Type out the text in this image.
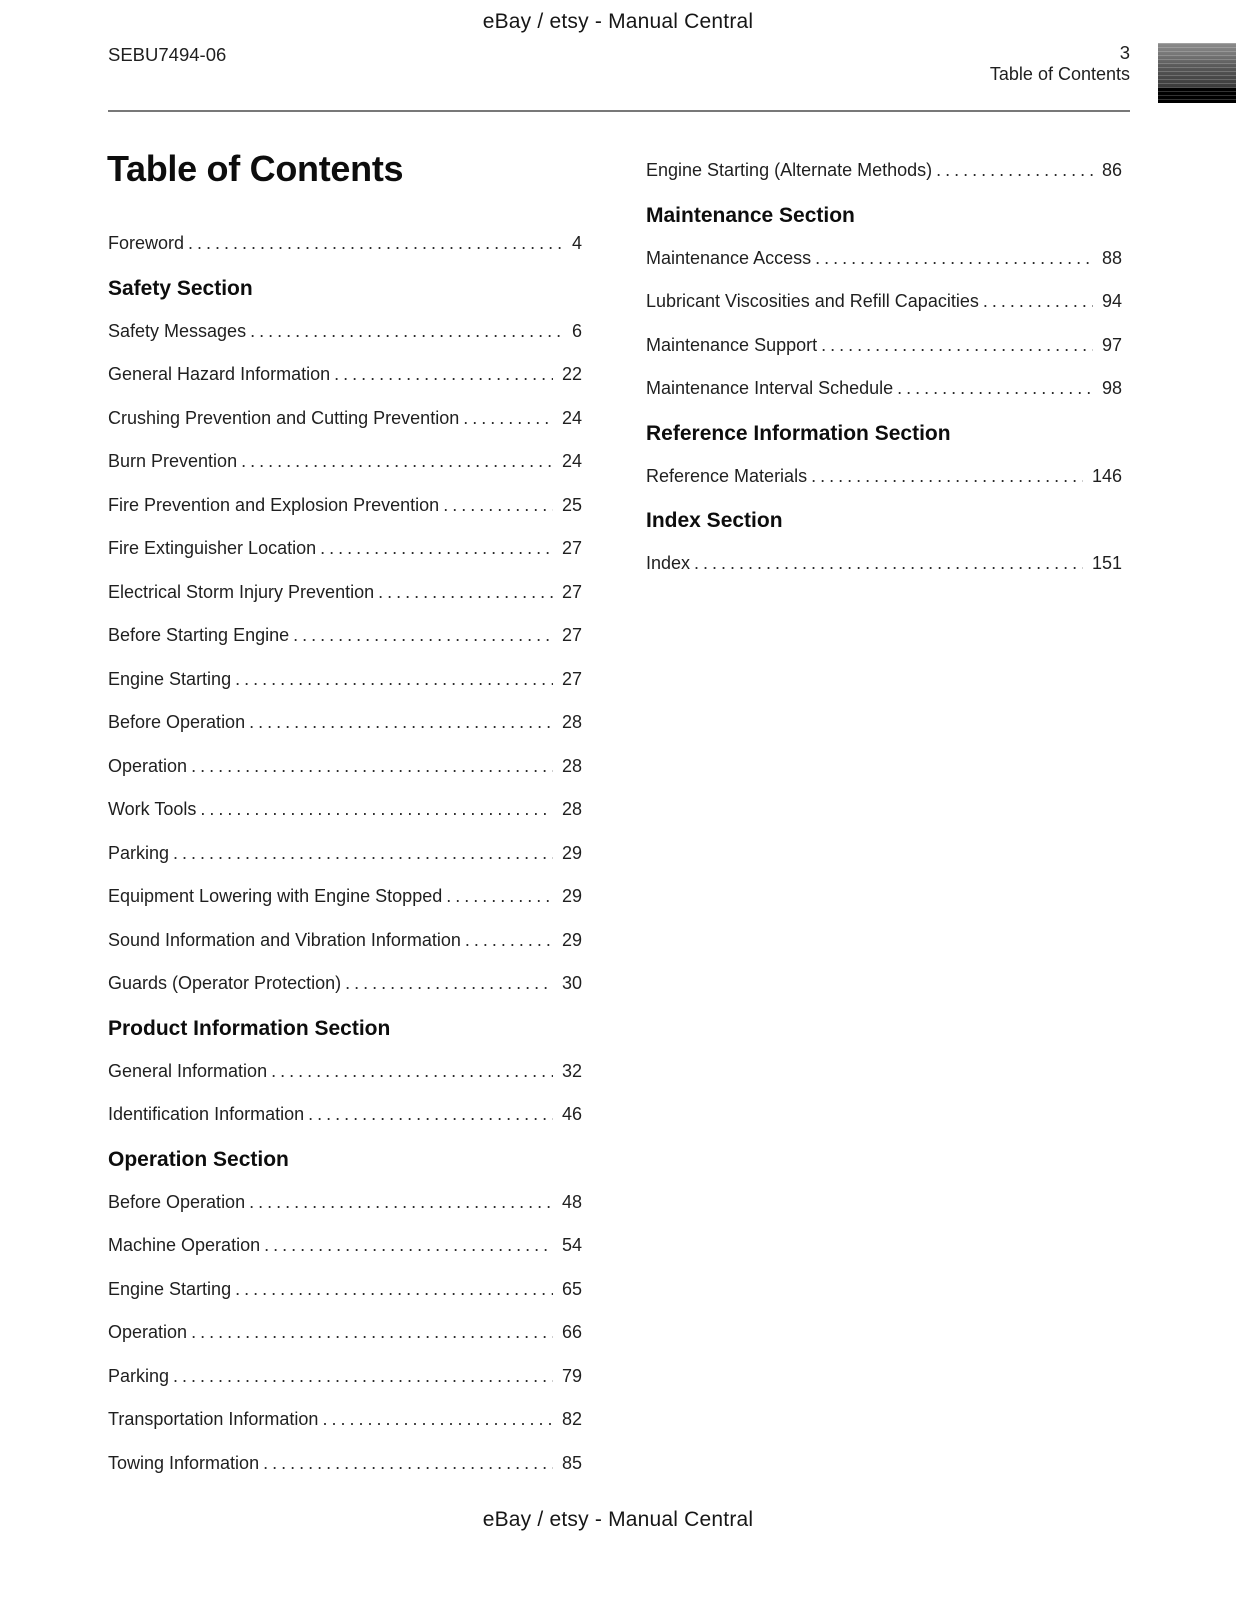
eBay / etsy - Manual Central
SEBU7494-06	3
Table of Contents
Table of Contents
Foreword .....	4
Safety Section
Safety Messages .....	6
General Hazard Information .....	22
Crushing Prevention and Cutting Prevention .....	24
Burn Prevention .....	24
Fire Prevention and Explosion Prevention .....	25
Fire Extinguisher Location .....	27
Electrical Storm Injury Prevention .....	27
Before Starting Engine .....	27
Engine Starting .....	27
Before Operation .....	28
Operation .....	28
Work Tools .....	28
Parking .....	29
Equipment Lowering with Engine Stopped .....	29
Sound Information and Vibration Information .....	29
Guards (Operator Protection) .....	30
Product Information Section
General Information .....	32
Identification Information .....	46
Operation Section
Before Operation .....	48
Machine Operation .....	54
Engine Starting .....	65
Operation .....	66
Parking .....	79
Transportation Information .....	82
Towing Information .....	85
Engine Starting (Alternate Methods) .....	86
Maintenance Section
Maintenance Access .....	88
Lubricant Viscosities and Refill Capacities .....	94
Maintenance Support .....	97
Maintenance Interval Schedule .....	98
Reference Information Section
Reference Materials .....	146
Index Section
Index .....	151
eBay / etsy - Manual Central
